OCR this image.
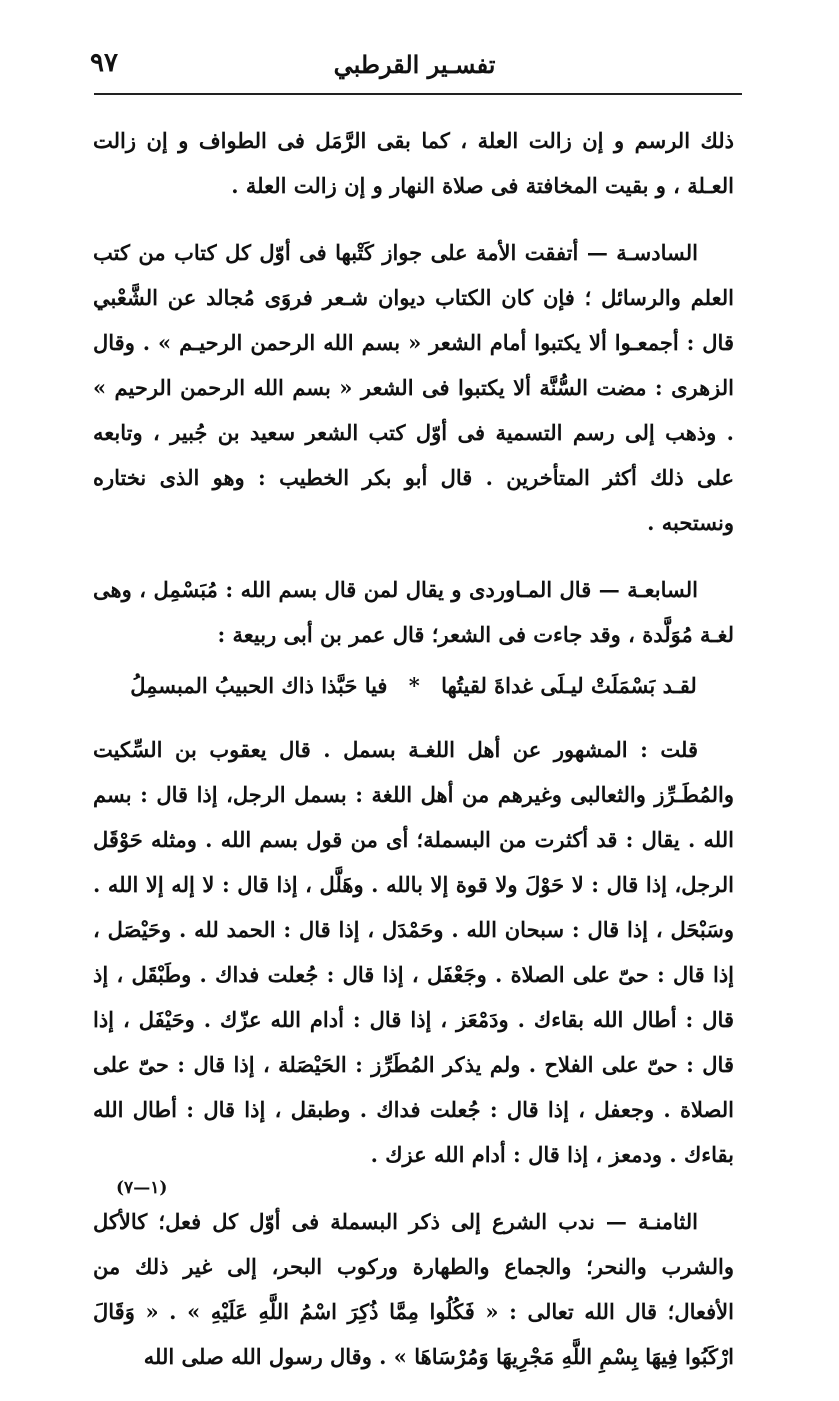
٩٧	تفسـير القرطبي

ذلك الرسم و إن زالت العلة ، كما بقى الرَّمَل فى الطواف و إن زالت العـلة ، و بقيت المخافتة فى صلاة النهار و إن زالت العلة .

السادسـة — أتفقت الأمة على جواز كَتْبها فى أوّل كل كتاب من كتب العلم والرسائل ؛ فإن كان الكتاب ديوان شـعر فروَى مُجالد عن الشَّعْبي قال : أجمعـوا ألا يكتبوا أمام الشعر « بسم الله الرحمن الرحيـم » . وقال الزهرى : مضت السُّنَّة ألا يكتبوا فى الشعر « بسم الله الرحمن الرحيم » . وذهب إلى رسم التسمية فى أوّل كتب الشعر سعيد بن جُبير ، وتابعه على ذلك أكثر المتأخرين . قال أبو بكر الخطيب : وهو الذى نختاره ونستحبه .

السابعـة — قال المـاوردى و يقال لمن قال بسم الله : مُبَسْمِل ، وهى لغـة مُوَلَّدة ، وقد جاءت فى الشعر؛ قال عمر بن أبى ربيعة :

لقـد بَسْمَلَتْ ليـلَى غداةَ لقيتُها * فيا حَبَّذا ذاك الحبيبُ المبسمِلُ

قلت : المشهور عن أهل اللغـة بسمل . قال يعقوب بن السِّكيت والمُطَـرِّز والثعالبى وغيرهم من أهل اللغة : بسمل الرجل، إذا قال : بسم الله . يقال : قد أكثرت من البسملة؛ أى من قول بسم الله . ومثله حَوْقَل الرجل، إذا قال : لا حَوْلَ ولا قوة إلا بالله . وهَلَّل ، إذا قال : لا إله إلا الله . وسَبْحَل ، إذا قال : سبحان الله . وحَمْدَل ، إذا قال : الحمد لله . وحَيْصَل ، إذا قال : حىّ على الصلاة . وجَعْفَل ، إذا قال : جُعلت فداك . وطَبْقَل ، إذ قال : أطال الله بقاءك . ودَمْعَز ، إذا قال : أدام الله عزّك . وحَيْفَل ، إذا قال : حىّ على الفلاح . ولم يذكر المُطَرِّز : الحَيْصَلة ، إذا قال : حىّ على الصلاة . وجعفل ، إذا قال : جُعلت فداك . وطبقل ، إذا قال : أطال الله بقاءك . ودمعز ، إذا قال : أدام الله عزك .

الثامنـة — ندب الشرع إلى ذكر البسملة فى أوّل كل فعل؛ كالأكل والشرب والنحر؛ والجماع والطهارة وركوب البحر، إلى غير ذلك من الأفعال؛ قال الله تعالى : « فَكُلُوا مِمَّا ذُكِرَ اسْمُ اللَّهِ عَلَيْهِ » . « وَقَالَ ارْكَبُوا فِيهَا بِسْمِ اللَّهِ مَجْرِيهَا وَمُرْسَاهَا » . وقال رسول الله صلى الله

(١—٧)
